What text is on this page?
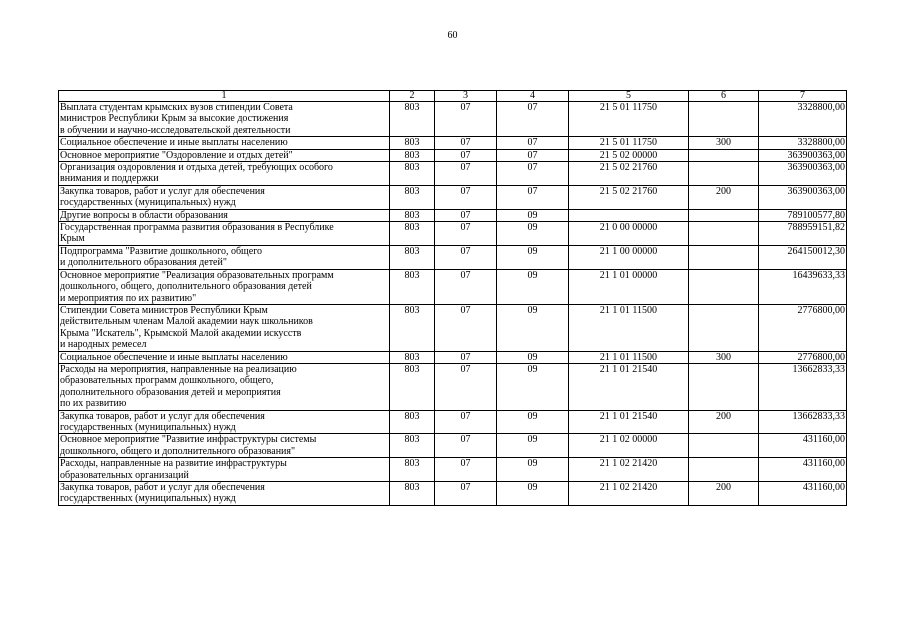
60
1	2	3	4	5	6	7
Выплата студентам крымских вузов стипендии Совета
министров Республики Крым за высокие достижения
в обучении и научно-исследовательской деятельности	803	07	07	21 5 01 11750		3328800,00
Социальное обеспечение и иные выплаты населению	803	07	07	21 5 01 11750	300	3328800,00
Основное мероприятие "Оздоровление и отдых детей"	803	07	07	21 5 02 00000		363900363,00
Организация оздоровления и отдыха детей, требующих особого
внимания и поддержки	803	07	07	21 5 02 21760		363900363,00
Закупка товаров, работ и услуг для обеспечения
государственных (муниципальных) нужд	803	07	07	21 5 02 21760	200	363900363,00
Другие вопросы в области образования	803	07	09			789100577,80
Государственная программа развития образования в Республике
Крым	803	07	09	21 0 00 00000		788959151,82
Подпрограмма "Развитие дошкольного, общего
и дополнительного образования детей"	803	07	09	21 1 00 00000		264150012,30
Основное мероприятие "Реализация образовательных программ
дошкольного, общего, дополнительного образования детей
и мероприятия по их развитию"	803	07	09	21 1 01 00000		16439633,33
Стипендии Совета министров Республики Крым
действительным членам Малой академии наук школьников
Крыма "Искатель", Крымской Малой академии искусств
и народных ремесел	803	07	09	21 1 01 11500		2776800,00
Социальное обеспечение и иные выплаты населению	803	07	09	21 1 01 11500	300	2776800,00
Расходы на мероприятия, направленные на реализацию
образовательных программ дошкольного, общего,
дополнительного образования детей и мероприятия
по их развитию	803	07	09	21 1 01 21540		13662833,33
Закупка товаров, работ и услуг для обеспечения
государственных (муниципальных) нужд	803	07	09	21 1 01 21540	200	13662833,33
Основное мероприятие "Развитие инфраструктуры системы
дошкольного, общего и дополнительного образования"	803	07	09	21 1 02 00000		431160,00
Расходы, направленные на развитие инфраструктуры
образовательных организаций	803	07	09	21 1 02 21420		431160,00
Закупка товаров, работ и услуг для обеспечения
государственных (муниципальных) нужд	803	07	09	21 1 02 21420	200	431160,00
